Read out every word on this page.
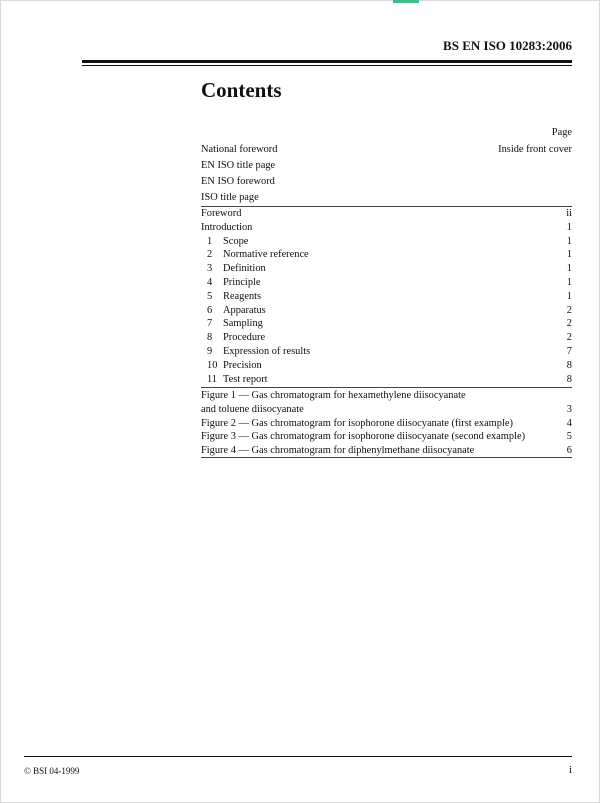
BS EN ISO 10283:2006
Contents
Page
National foreword	Inside front cover
EN ISO title page
EN ISO foreword
ISO title page
Foreword	ii
Introduction	1
1	Scope	1
2	Normative reference	1
3	Definition	1
4	Principle	1
5	Reagents	1
6	Apparatus	2
7	Sampling	2
8	Procedure	2
9	Expression of results	7
10 Precision	8
11 Test report	8
Figure 1 — Gas chromatogram for hexamethylene diisocyanate
and toluene diisocyanate	3
Figure 2 — Gas chromatogram for isophorone diisocyanate (first example)	4
Figure 3 — Gas chromatogram for isophorone diisocyanate (second example)	5
Figure 4 — Gas chromatogram for diphenylmethane diisocyanate	6
© BSI 04-1999	i
